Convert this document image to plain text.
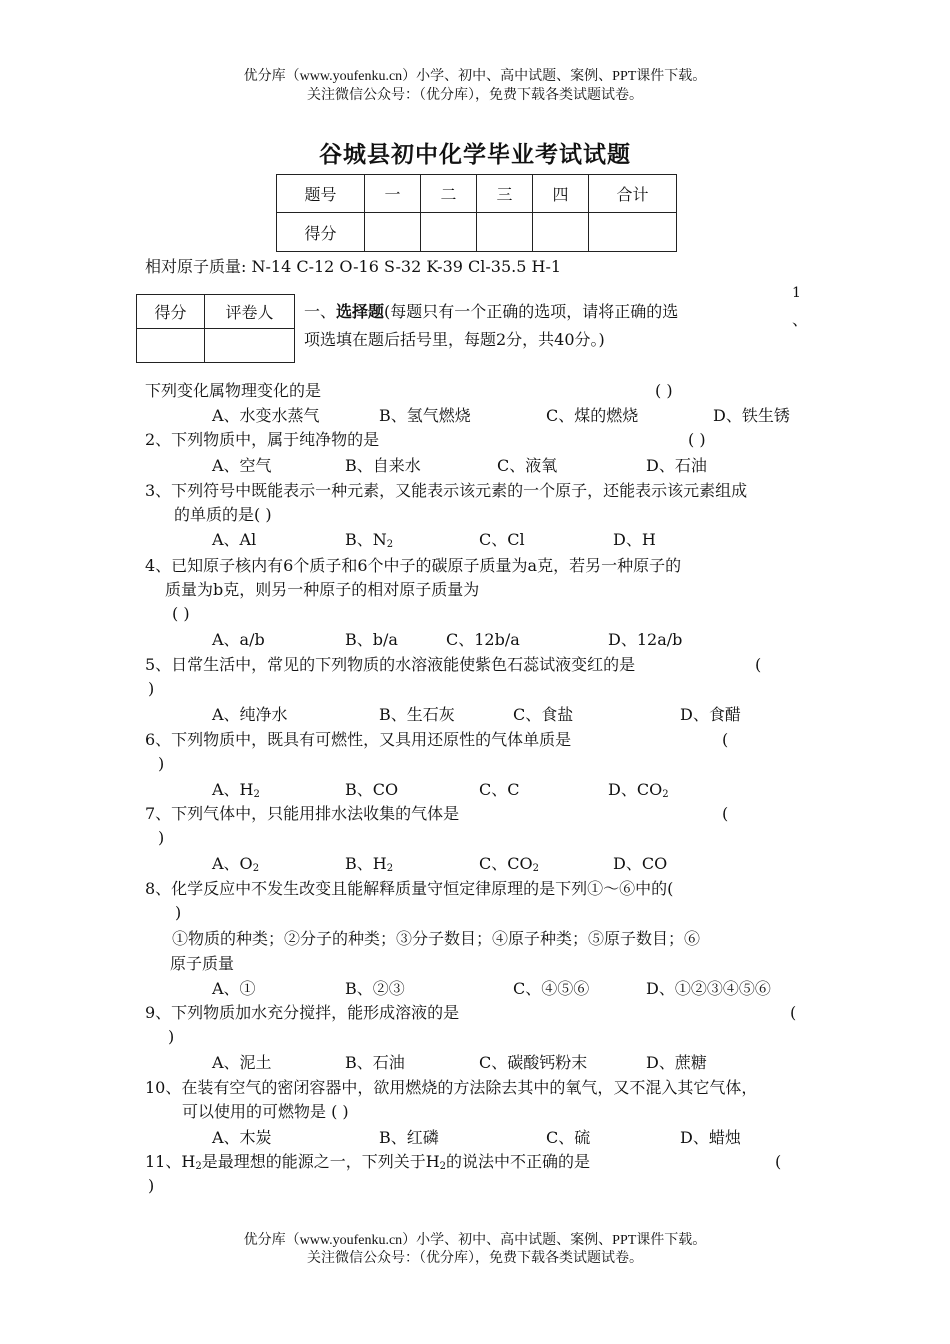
优分库（www.youfenku.cn）小学、初中、高中试题、案例、PPT课件下载。
关注微信公众号：（优分库），免费下载各类试题试卷。
谷城县初中化学毕业考试试题
题号	一	二	三	四	合计
得分					
相对原子质量: N-14 C-12 O-16 S-32 K-39 Cl-35.5 H-1
得分	评卷人
	一、选择题(每题只有一个正确的选项，请将正确的选
项选填在题后括号里，每题2分，共40分。)
1
、
下列变化属物理变化的是	( )
A、水变水蒸气	B、氢气燃烧	C、煤的燃烧	D、铁生锈
2、下列物质中，属于纯净物的是	( )
A、空气	B、自来水	C、液氧	D、石油
3、下列符号中既能表示一种元素，又能表示该元素的一个原子，还能表示该元素组成
的单质的是( )
A、Al	B、$N_2$	C、Cl	D、H
4、已知原子核内有6个质子和6个中子的碳原子质量为a克，若另一种原子的
质量为b克，则另一种原子的相对原子质量为
( )
A、a/b	B、b/a	C、12b/a	D、12a/b
5、日常生活中，常见的下列物质的水溶液能使紫色石蕊试液变红的是	(
)
A、纯净水	B、生石灰	C、食盐	D、食醋
6、下列物质中，既具有可燃性，又具用还原性的气体单质是	(
)
A、$H_2$	B、CO	C、C	D、$CO_2$
7、下列气体中，只能用排水法收集的气体是	(
)
A、$O_2$	B、$H_2$	C、$CO_2$	D、CO
8、化学反应中不发生改变且能解释质量守恒定律原理的是下列①～⑥中的(
)
①物质的种类；②分子的种类；③分子数目；④原子种类；⑤原子数目；⑥
原子质量
A、①	B、②③	C、④⑤⑥	D、①②③④⑤⑥
9、下列物质加水充分搅拌，能形成溶液的是	(
)
A、泥土	B、石油	C、碳酸钙粉末	D、蔗糖
10、在装有空气的密闭容器中，欲用燃烧的方法除去其中的氧气，又不混入其它气体，
可以使用的可燃物是 ( )
A、木炭	B、红磷	C、硫	D、蜡烛
11、$H_2$是最理想的能源之一，下列关于$H_2$的说法中不正确的是	(
)
优分库（www.youfenku.cn）小学、初中、高中试题、案例、PPT课件下载。
关注微信公众号：（优分库），免费下载各类试题试卷。
